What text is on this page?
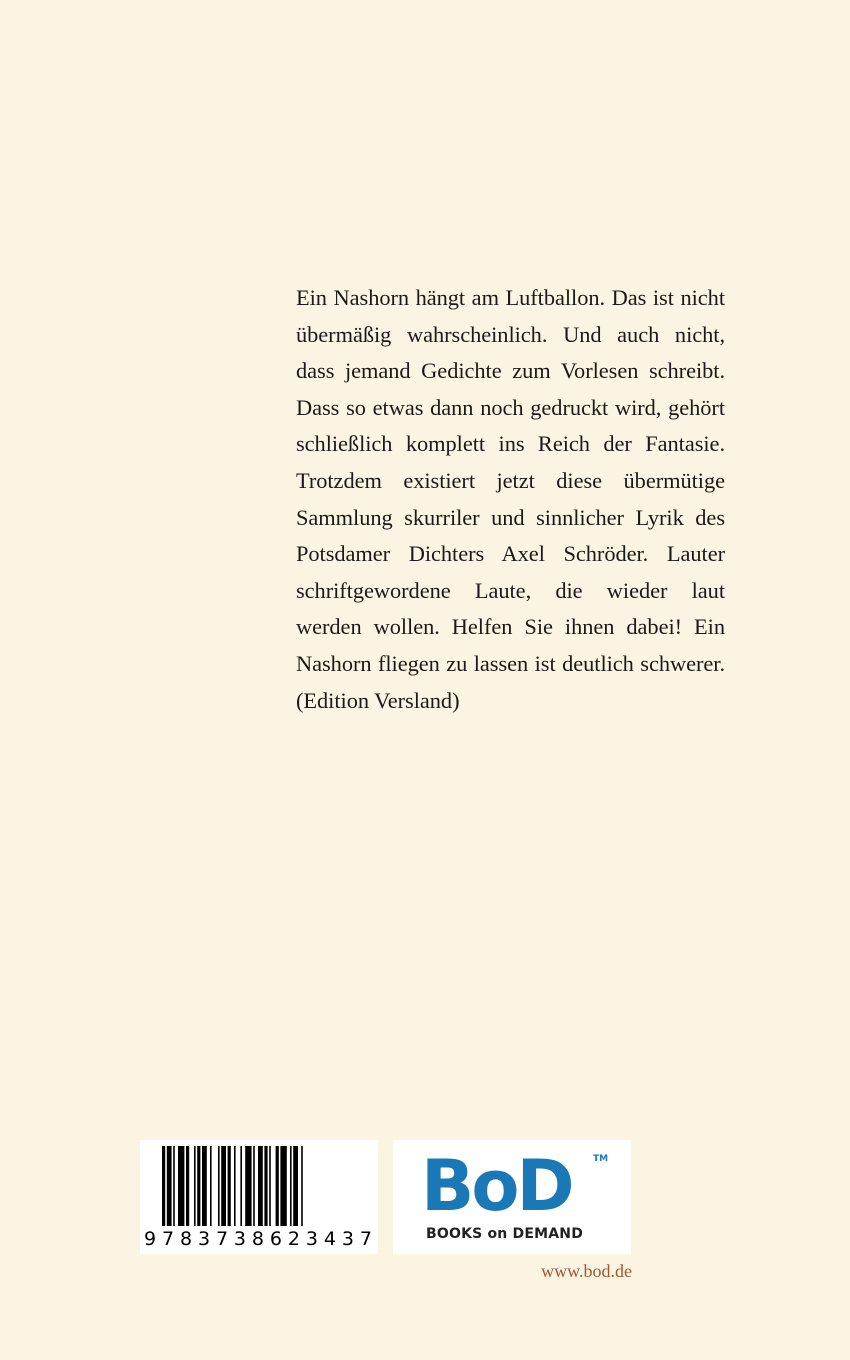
Ein Nashorn hängt am Luftballon. Das ist nicht
übermäßig wahrscheinlich. Und auch nicht,
dass jemand Gedichte zum Vorlesen schreibt.
Dass so etwas dann noch gedruckt wird, gehört
schließlich komplett ins Reich der Fantasie.
Trotzdem existiert jetzt diese übermütige
Sammlung skurriler und sinnlicher Lyrik des
Potsdamer Dichters Axel Schröder. Lauter
schriftgewordene Laute, die wieder laut
werden wollen. Helfen Sie ihnen dabei! Ein
Nashorn fliegen zu lassen ist deutlich schwerer.
(Edition Versland)
9 7 8 3 7 3 8 6 2 3 4 3 7
BoD TM
BOOKS on DEMAND
www.bod.de
